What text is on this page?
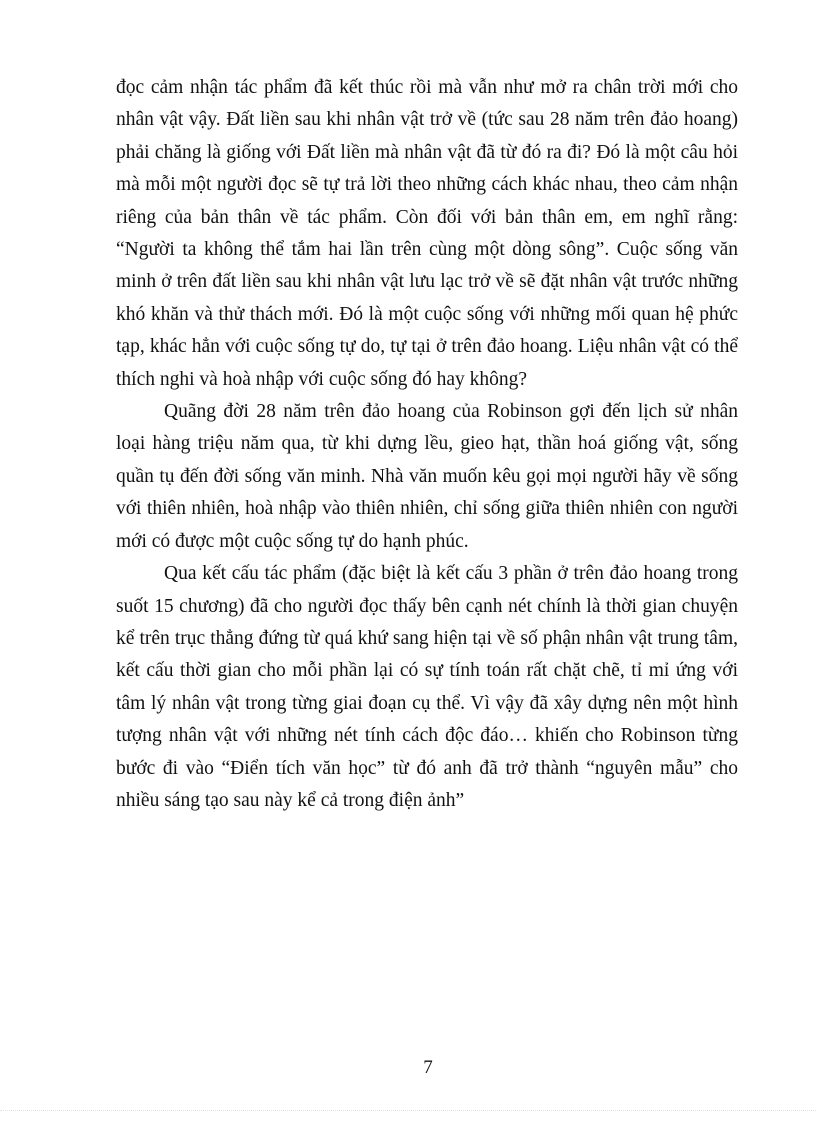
đọc cảm nhận tác phẩm đã kết thúc rồi mà vẫn như mở ra chân trời mới cho nhân vật vậy. Đất liền sau khi nhân vật trở về (tức sau 28 năm trên đảo hoang) phải chăng là giống với Đất liền mà nhân vật đã từ đó ra đi? Đó là một câu hỏi mà mỗi một người đọc sẽ tự trả lời theo những cách khác nhau, theo cảm nhận riêng của bản thân về tác phẩm. Còn đối với bản thân em, em nghĩ rằng: “Người ta không thể tắm hai lần trên cùng một dòng sông”. Cuộc sống văn minh ở trên đất liền sau khi nhân vật lưu lạc trở về sẽ đặt nhân vật trước những khó khăn và thử thách mới. Đó là một cuộc sống với những mối quan hệ phức tạp, khác hẳn với cuộc sống tự do, tự tại ở trên đảo hoang. Liệu nhân vật có thể thích nghi và hoà nhập với cuộc sống đó hay không?

Quãng đời 28 năm trên đảo hoang của Robinson gợi đến lịch sử nhân loại hàng triệu năm qua, từ khi dựng lều, gieo hạt, thần hoá giống vật, sống quần tụ đến đời sống văn minh. Nhà văn muốn kêu gọi mọi người hãy về sống với thiên nhiên, hoà nhập vào thiên nhiên, chỉ sống giữa thiên nhiên con người mới có được một cuộc sống tự do hạnh phúc.

Qua kết cấu tác phẩm (đặc biệt là kết cấu 3 phần ở trên đảo hoang trong suốt 15 chương) đã cho người đọc thấy bên cạnh nét chính là thời gian chuyện kể trên trục thẳng đứng từ quá khứ sang hiện tại về số phận nhân vật trung tâm, kết cấu thời gian cho mỗi phần lại có sự tính toán rất chặt chẽ, tỉ mỉ ứng với tâm lý nhân vật trong từng giai đoạn cụ thể. Vì vậy đã xây dựng nên một hình tượng nhân vật với những nét tính cách độc đáo… khiến cho Robinson từng bước đi vào “Điển tích văn học” từ đó anh đã trở thành “nguyên mẫu” cho nhiều sáng tạo sau này kể cả trong điện ảnh”

7
